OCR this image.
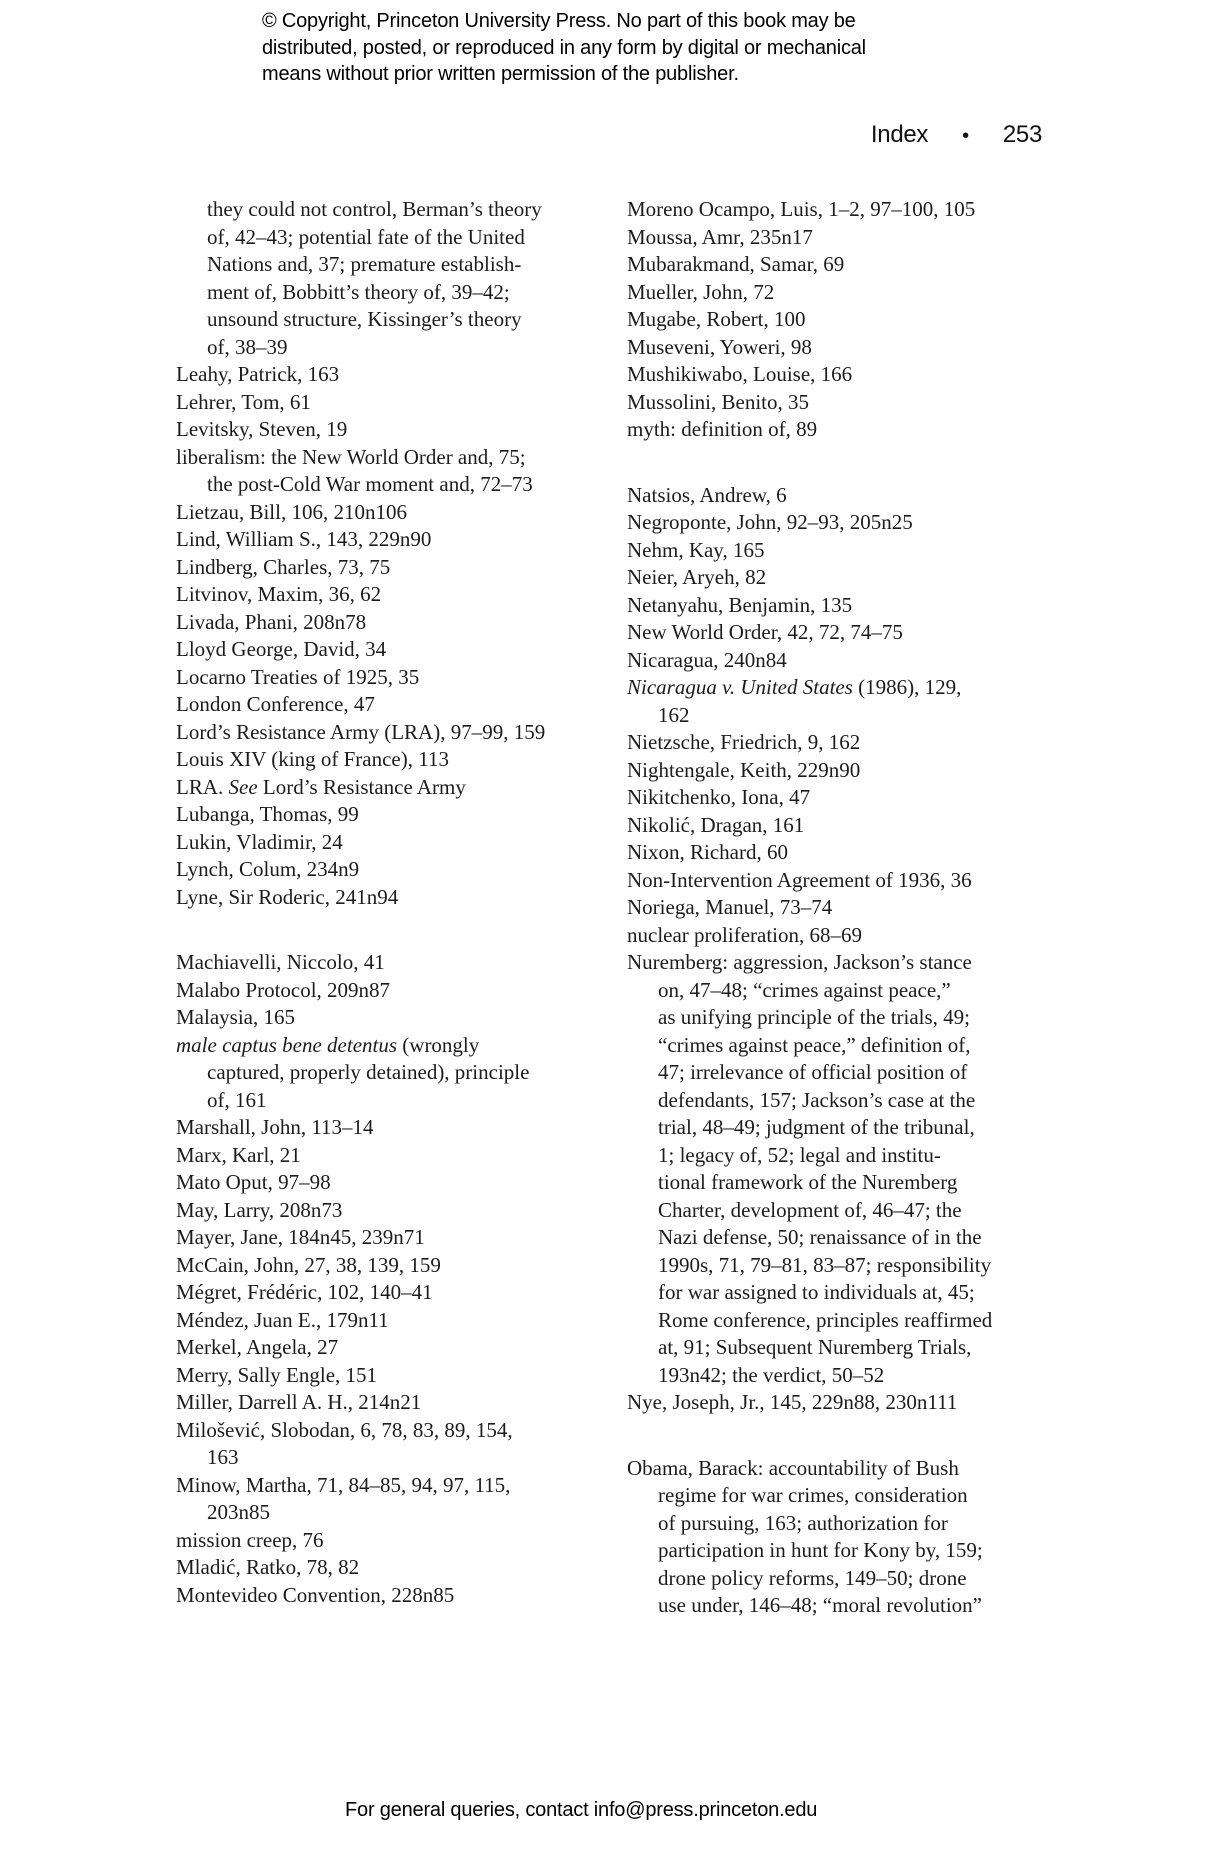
© Copyright, Princeton University Press. No part of this book may be
distributed, posted, or reproduced in any form by digital or mechanical
means without prior written permission of the publisher.
Index • 253
they could not control, Berman’s theory
of, 42–43; potential fate of the United
Nations and, 37; premature establish-
ment of, Bobbitt’s theory of, 39–42;
unsound structure, Kissinger’s theory
of, 38–39
Leahy, Patrick, 163
Lehrer, Tom, 61
Levitsky, Steven, 19
liberalism: the New World Order and, 75;
the post-Cold War moment and, 72–73
Lietzau, Bill, 106, 210n106
Lind, William S., 143, 229n90
Lindberg, Charles, 73, 75
Litvinov, Maxim, 36, 62
Livada, Phani, 208n78
Lloyd George, David, 34
Locarno Treaties of 1925, 35
London Conference, 47
Lord’s Resistance Army (LRA), 97–99, 159
Louis XIV (king of France), 113
LRA. See Lord’s Resistance Army
Lubanga, Thomas, 99
Lukin, Vladimir, 24
Lynch, Colum, 234n9
Lyne, Sir Roderic, 241n94
Machiavelli, Niccolo, 41
Malabo Protocol, 209n87
Malaysia, 165
male captus bene detentus (wrongly
captured, properly detained), principle
of, 161
Marshall, John, 113–14
Marx, Karl, 21
Mato Oput, 97–98
May, Larry, 208n73
Mayer, Jane, 184n45, 239n71
McCain, John, 27, 38, 139, 159
Mégret, Frédéric, 102, 140–41
Méndez, Juan E., 179n11
Merkel, Angela, 27
Merry, Sally Engle, 151
Miller, Darrell A. H., 214n21
Milošević, Slobodan, 6, 78, 83, 89, 154,
163
Minow, Martha, 71, 84–85, 94, 97, 115,
203n85
mission creep, 76
Mladić, Ratko, 78, 82
Montevideo Convention, 228n85
Moreno Ocampo, Luis, 1–2, 97–100, 105
Moussa, Amr, 235n17
Mubarakmand, Samar, 69
Mueller, John, 72
Mugabe, Robert, 100
Museveni, Yoweri, 98
Mushikiwabo, Louise, 166
Mussolini, Benito, 35
myth: definition of, 89
Natsios, Andrew, 6
Negroponte, John, 92–93, 205n25
Nehm, Kay, 165
Neier, Aryeh, 82
Netanyahu, Benjamin, 135
New World Order, 42, 72, 74–75
Nicaragua, 240n84
Nicaragua v. United States (1986), 129,
162
Nietzsche, Friedrich, 9, 162
Nightengale, Keith, 229n90
Nikitchenko, Iona, 47
Nikolić, Dragan, 161
Nixon, Richard, 60
Non-Intervention Agreement of 1936, 36
Noriega, Manuel, 73–74
nuclear proliferation, 68–69
Nuremberg: aggression, Jackson’s stance
on, 47–48; “crimes against peace,”
as unifying principle of the trials, 49;
“crimes against peace,” definition of,
47; irrelevance of official position of
defendants, 157; Jackson’s case at the
trial, 48–49; judgment of the tribunal,
1; legacy of, 52; legal and institu-
tional framework of the Nuremberg
Charter, development of, 46–47; the
Nazi defense, 50; renaissance of in the
1990s, 71, 79–81, 83–87; responsibility
for war assigned to individuals at, 45;
Rome conference, principles reaffirmed
at, 91; Subsequent Nuremberg Trials,
193n42; the verdict, 50–52
Nye, Joseph, Jr., 145, 229n88, 230n111
Obama, Barack: accountability of Bush
regime for war crimes, consideration
of pursuing, 163; authorization for
participation in hunt for Kony by, 159;
drone policy reforms, 149–50; drone
use under, 146–48; “moral revolution”
For general queries, contact info@press.princeton.edu
